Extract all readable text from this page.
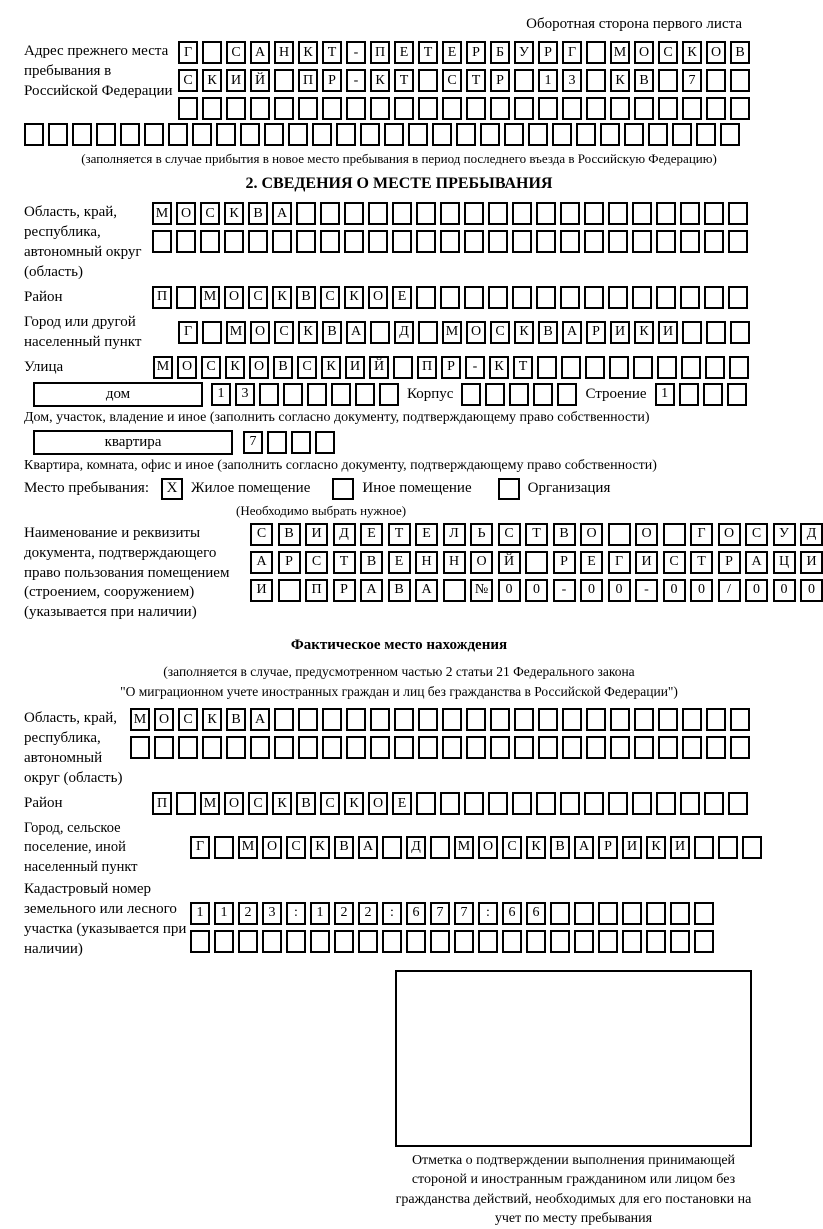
Оборотная сторона первого листа
Адрес прежнего места пребывания в Российской Федерации
Г	С	А Н	К	Т	-	П	Е	Т	Е	Р	Б	У	Р	Г	М О	С	К	О	В
С	К	И Й	П	Р	-	К	Т	С	Т	Р	1	3	К	В	7
(заполняется в случае прибытия в новое место пребывания в период последнего въезда в Российскую Федерацию)
2. СВЕДЕНИЯ О МЕСТЕ ПРЕБЫВАНИЯ
Область, край, республика, автономный округ (область)
М О	С	К	В	А
Район	П	М О	С	К	В	С	К	О	Е
Город или другой населенный пункт
Г	М О	С	К	В	А	Д	М О	С	К	В	А	Р	И	К	И
Улица	М О	С	К	О	В	С	К	И Й	П	Р	-	К	Т
дом	1	3	Корпус	Строение	1
Дом, участок, владение и иное (заполнить согласно документу, подтверждающему право собственности)
квартира	7
Квартира, комната, офис и иное (заполнить согласно документу, подтверждающему право собственности)
Место пребывания:	X Жилое помещение	Иное помещение	Организация
(Необходимо выбрать нужное)
Наименование и реквизиты документа, подтверждающего право пользования помещением (строением, сооружением) (указывается при наличии)
С	В	И	Д	Е	Т	Е	Л	Ь	С	Т	В	О	О	Г	О	С	У	Д
А	Р	С	Т	В	Е	Н	Н	О	Й	Р	Е	Г	И	С	Т	Р	А	Ц	И
И	П	Р	А	В	А	№	0	0	-	0	0	-	0	0	/	0	0	0
Фактическое место нахождения
(заполняется в случае, предусмотренном частью 2 статьи 21 Федерального закона
"О миграционном учете иностранных граждан и лиц без гражданства в Российской Федерации")
Область, край, республика, автономный округ (область)
М О	С	К	В	А
Район	П	М О	С	К	В	С	К	О	Е
Город, сельское поселение, иной населенный пункт
Г	М О	С	К	В	А	Д	М О	С	К	В	А	Р	И	К	И
Кадастровый номер земельного или лесного участка (указывается при наличии)
1	1	2	3	:	1	2	2	:	6	7	7	:	6	6
Отметка о подтверждении выполнения принимающей стороной и иностранным гражданином или лицом без гражданства действий, необходимых для его постановки на учет по месту пребывания
